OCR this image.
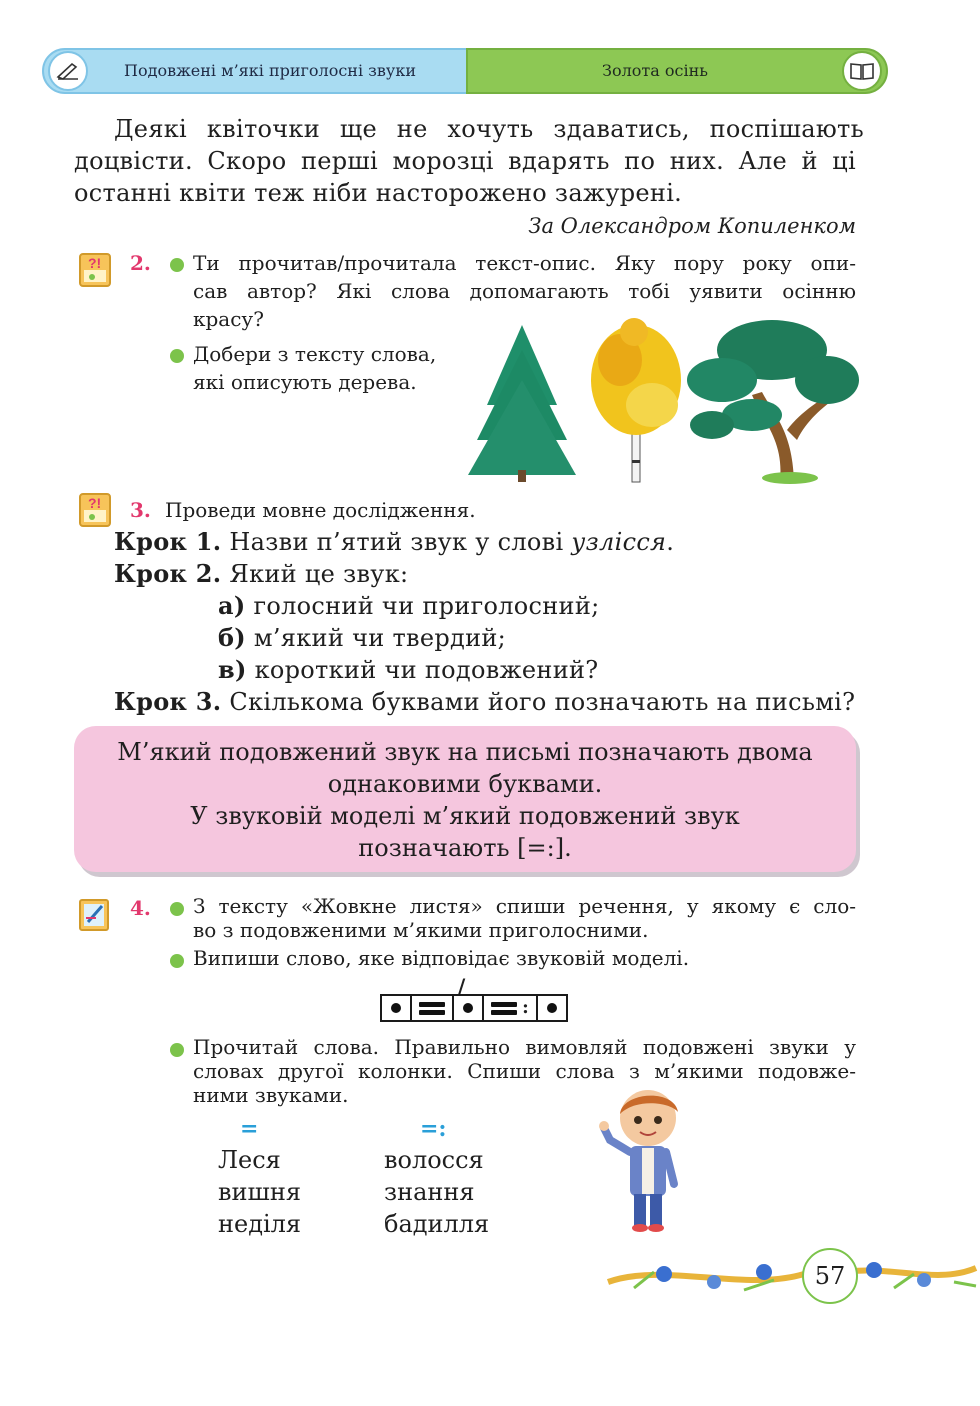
Подовжені м’які приголосні звуки	Золота осінь
Деякі квіточки ще не хочуть здаватись, поспішають
доцвісти. Скоро перші морозці вдарять по них. Але й ці
останні квіти теж ніби насторожено зажурені.
За Олександром Копиленком
?! 2. Ти прочитав/прочитала текст-опис. Яку пору року опи-
сав автор? Які слова допомагають тобі уявити осінню
красу?
Добери з тексту слова,
які описують дерева.
?! 3. Проведи мовне дослідження.
Крок 1. Назви п’ятий звук у слові узлісся.
Крок 2. Який це звук:
а) голосний чи приголосний;
б) м’який чи твердий;
в) короткий чи подовжений?
Крок 3. Скількома буквами його позначають на письмі?
М’який подовжений звук на письмі позначають двома
однаковими буквами.
У звуковій моделі м’який подовжений звук
позначають [=:].
4. З тексту «Жовкне листя» спиши речення, у якому є сло-
во з подовженими м’якими приголосними.
Випиши слово, яке відповідає звуковій моделі.
/
:
Прочитай слова. Правильно вимовляй подовжені звуки у
словах другої колонки. Спиши слова з м’якими подовже-
ними звуками.
=	=:
Леся
вишня
неділя
волосся
знання
бадилля
57
